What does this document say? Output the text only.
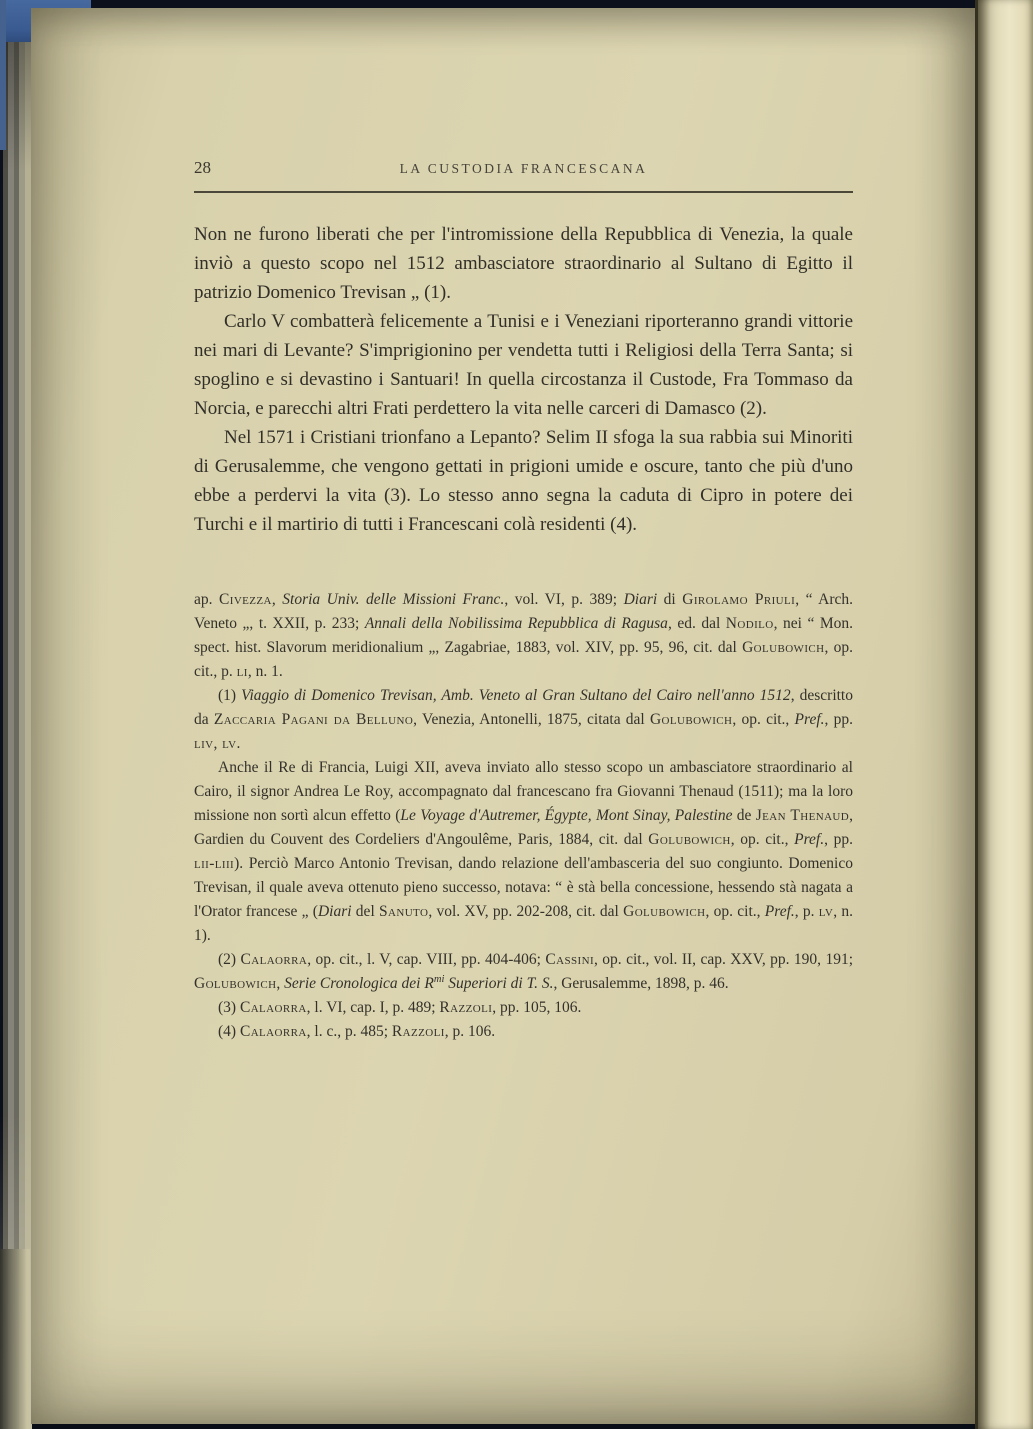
28	LA CUSTODIA FRANCESCANA

Non ne furono liberati che per l'intromissione della Repubblica di Venezia, la quale inviò a questo scopo nel 1512 ambasciatore straordinario al Sultano di Egitto il patrizio Domenico Trevisan „ (1).

Carlo V combatterà felicemente a Tunisi e i Veneziani riporteranno grandi vittorie nei mari di Levante? S'imprigionino per vendetta tutti i Religiosi della Terra Santa; si spoglino e si devastino i Santuari! In quella circostanza il Custode, Fra Tommaso da Norcia, e parecchi altri Frati perdettero la vita nelle carceri di Damasco (2).

Nel 1571 i Cristiani trionfano a Lepanto? Selim II sfoga la sua rabbia sui Minoriti di Gerusalemme, che vengono gettati in prigioni umide e oscure, tanto che più d'uno ebbe a perdervi la vita (3). Lo stesso anno segna la caduta di Cipro in potere dei Turchi e il martirio di tutti i Francescani colà residenti (4).

ap. Civezza, Storia Univ. delle Missioni Franc., vol. VI, p. 389; Diari di Girolamo Priuli, “ Arch. Veneto „, t. XXII, p. 233; Annali della Nobilissima Repubblica di Ragusa, ed. dal Nodilo, nei “ Mon. spect. hist. Slavorum meridionalium „, Zagabriae, 1883, vol. XIV, pp. 95, 96, cit. dal Golubowich, op. cit., p. li, n. 1.

(1) Viaggio di Domenico Trevisan, Amb. Veneto al Gran Sultano del Cairo nell'anno 1512, descritto da Zaccaria Pagani da Belluno, Venezia, Antonelli, 1875, citata dal Golubowich, op. cit., Pref., pp. liv, lv.

Anche il Re di Francia, Luigi XII, aveva inviato allo stesso scopo un ambasciatore straordinario al Cairo, il signor Andrea Le Roy, accompagnato dal francescano fra Giovanni Thenaud (1511); ma la loro missione non sortì alcun effetto (Le Voyage d'Autremer, Égypte, Mont Sinay, Palestine de Jean Thenaud, Gardien du Couvent des Cordeliers d'Angoulême, Paris, 1884, cit. dal Golubowich, op. cit., Pref., pp. lii-liii). Perciò Marco Antonio Trevisan, dando relazione dell'ambasceria del suo congiunto. Domenico Trevisan, il quale aveva ottenuto pieno successo, notava: “ è stà bella concessione, hessendo stà nagata a l'Orator francese „ (Diari del Sanuto, vol. XV, pp. 202-208, cit. dal Golubowich, op. cit., Pref., p. lv, n. 1).

(2) Calaorra, op. cit., l. V, cap. VIII, pp. 404-406; Cassini, op. cit., vol. II, cap. XXV, pp. 190, 191; Golubowich, Serie Cronologica dei $R^{mi}$ Superiori di T. S., Gerusalemme, 1898, p. 46.

(3) Calaorra, l. VI, cap. I, p. 489; Razzoli, pp. 105, 106.

(4) Calaorra, l. c., p. 485; Razzoli, p. 106.
